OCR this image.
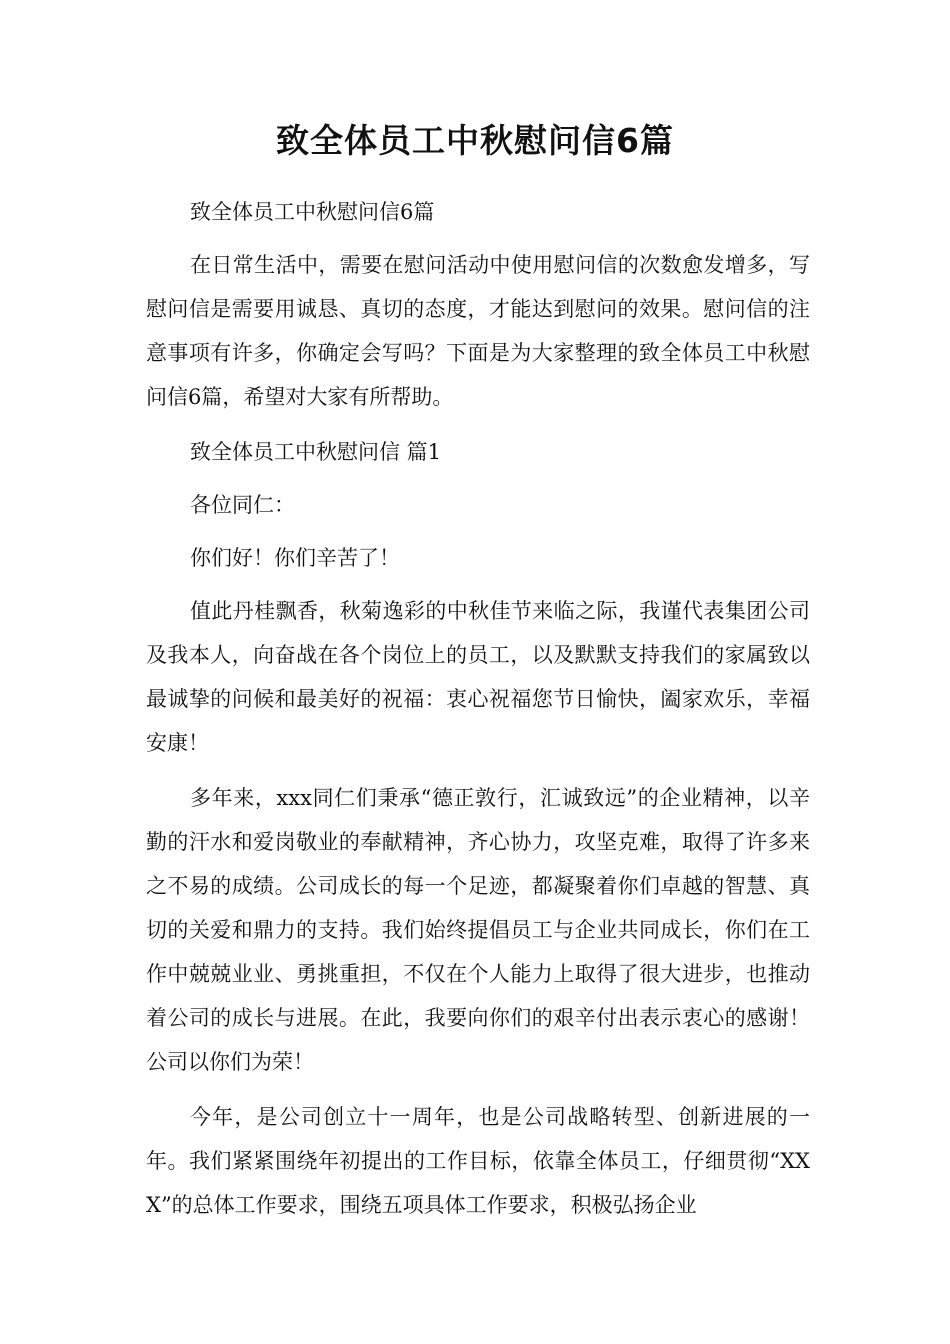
致全体员工中秋慰问信6篇

致全体员工中秋慰问信6篇

在日常生活中，需要在慰问活动中使用慰问信的次数愈发增多，写慰问信是需要用诚恳、真切的态度，才能达到慰问的效果。慰问信的注意事项有许多，你确定会写吗？下面是为大家整理的致全体员工中秋慰问信6篇，希望对大家有所帮助。

致全体员工中秋慰问信 篇1

各位同仁：

你们好！你们辛苦了！

值此丹桂飘香，秋菊逸彩的中秋佳节来临之际，我谨代表集团公司及我本人，向奋战在各个岗位上的员工，以及默默支持我们的家属致以最诚挚的问候和最美好的祝福：衷心祝福您节日愉快，阖家欢乐，幸福安康！

多年来，xxx同仁们秉承“德正敦行，汇诚致远”的企业精神，以辛勤的汗水和爱岗敬业的奉献精神，齐心协力，攻坚克难，取得了许多来之不易的成绩。公司成长的每一个足迹，都凝聚着你们卓越的智慧、真切的关爱和鼎力的支持。我们始终提倡员工与企业共同成长，你们在工作中兢兢业业、勇挑重担，不仅在个人能力上取得了很大进步，也推动着公司的成长与进展。在此，我要向你们的艰辛付出表示衷心的感谢！公司以你们为荣！

今年，是公司创立十一周年，也是公司战略转型、创新进展的一年。我们紧紧围绕年初提出的工作目标，依靠全体员工，仔细贯彻“XXX”的总体工作要求，围绕五项具体工作要求，积极弘扬企业
